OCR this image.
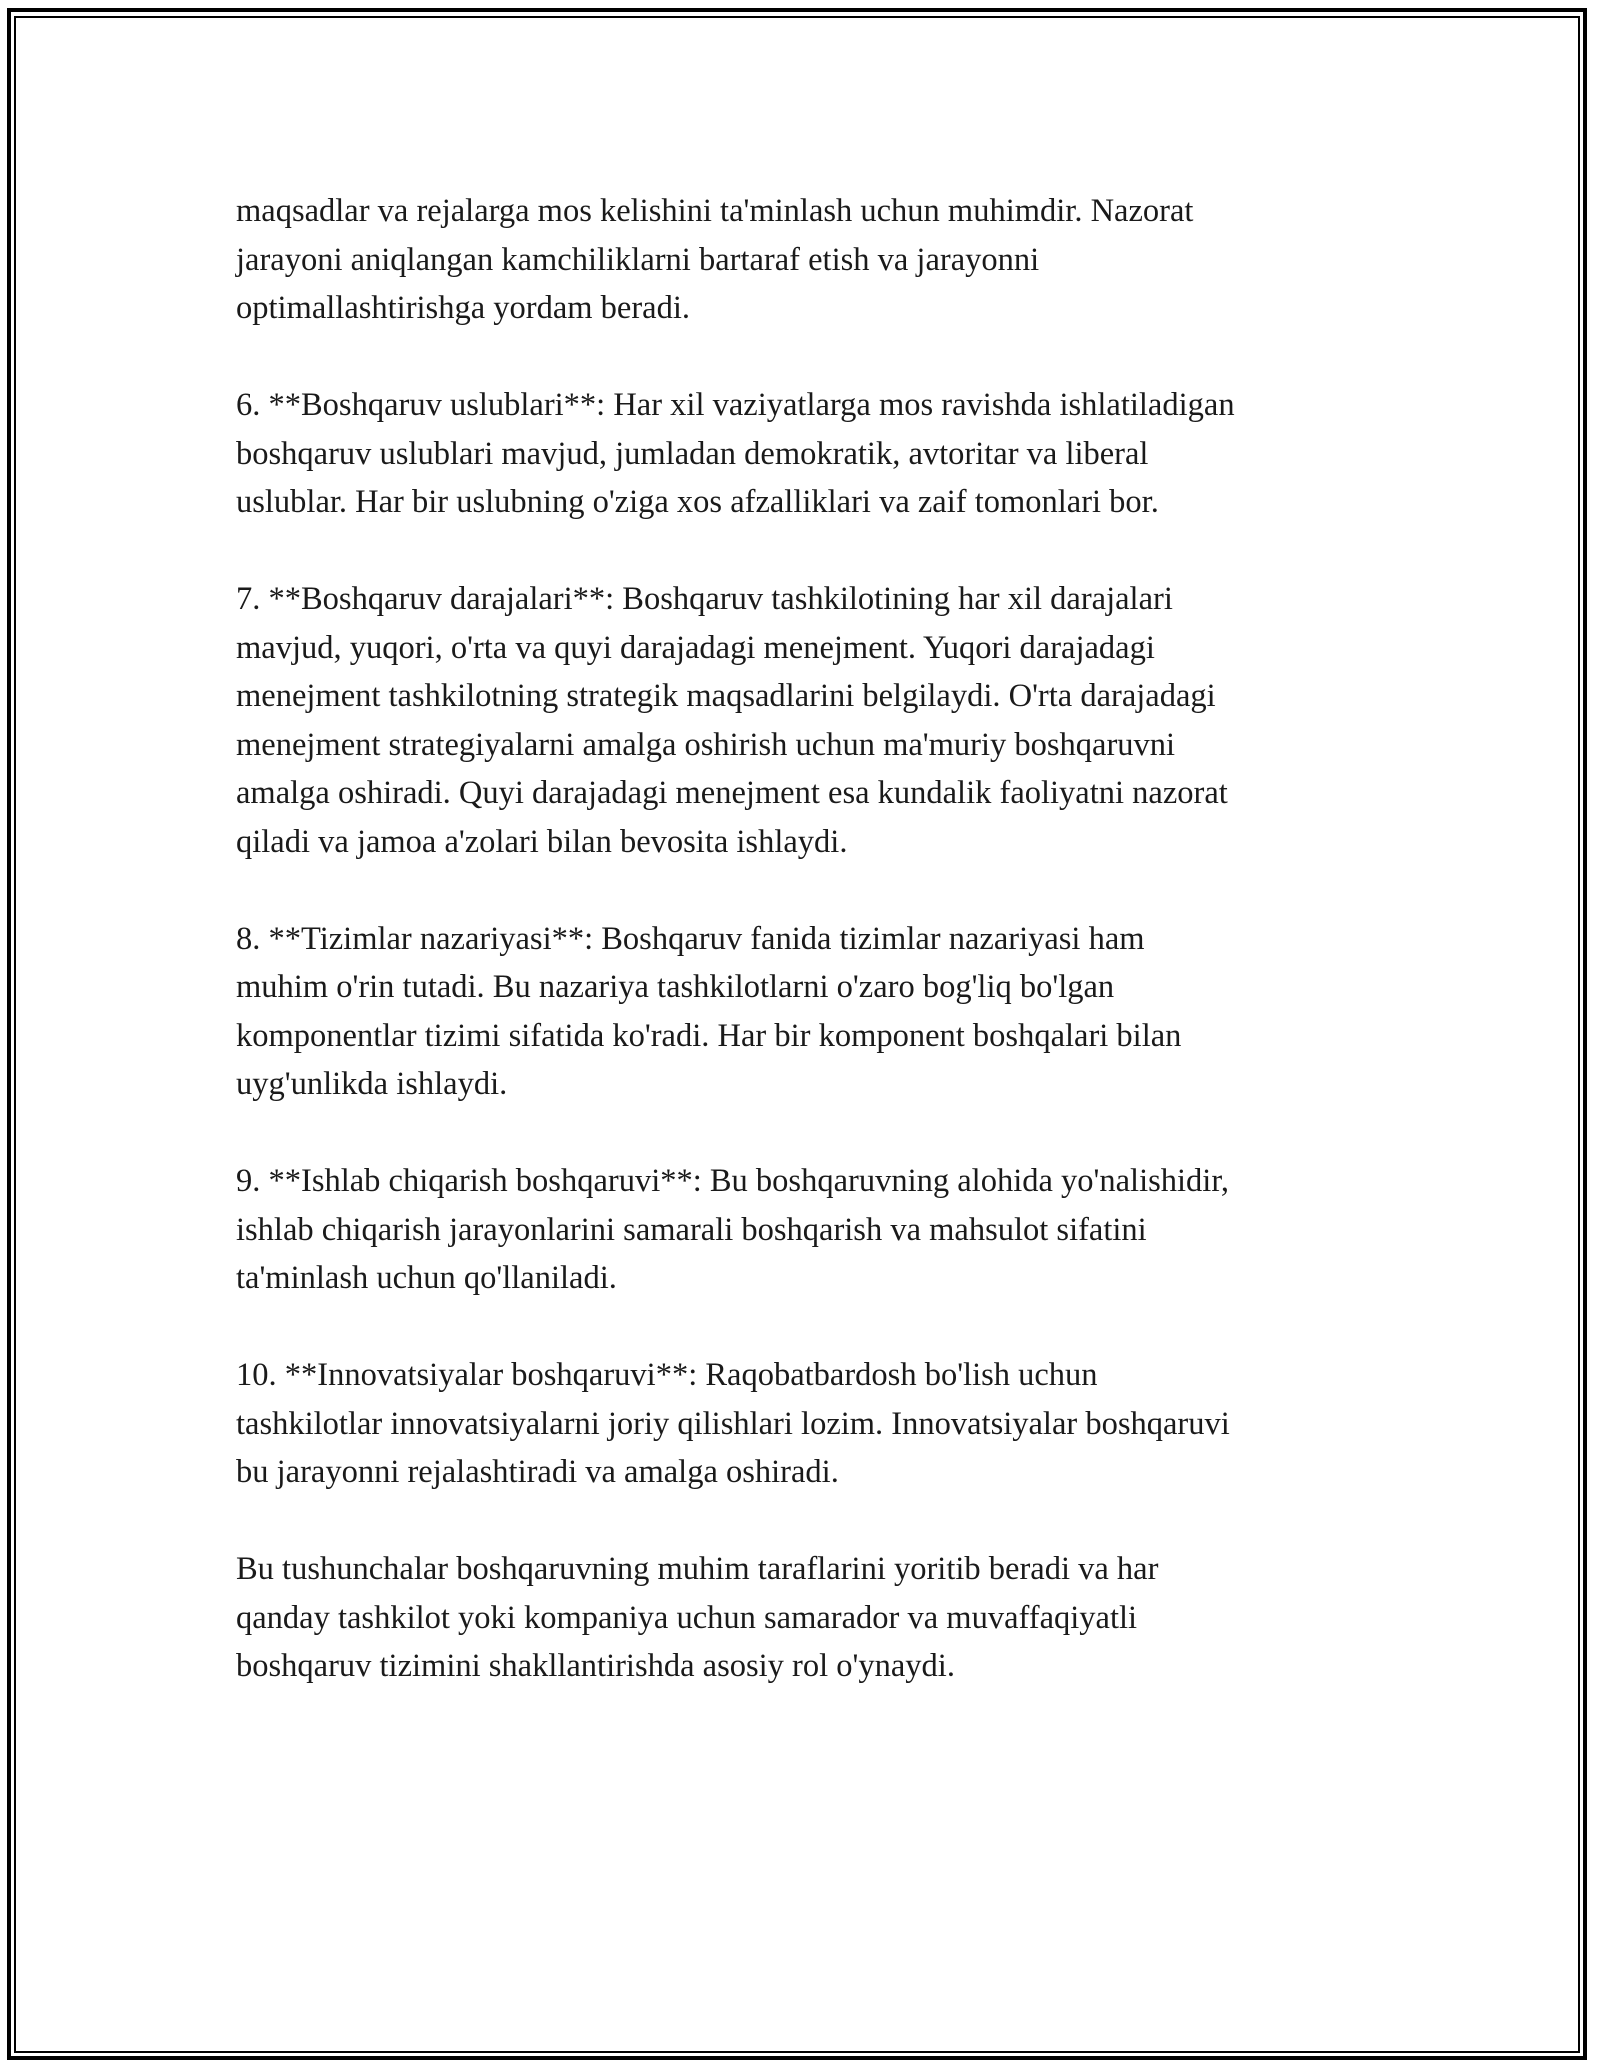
maqsadlar va rejalarga mos kelishini ta'minlash uchun muhimdir. Nazorat
jarayoni aniqlangan kamchiliklarni bartaraf etish va jarayonni
optimallashtirishga yordam beradi.

6. **Boshqaruv uslublari**: Har xil vaziyatlarga mos ravishda ishlatiladigan
boshqaruv uslublari mavjud, jumladan demokratik, avtoritar va liberal
uslublar. Har bir uslubning o'ziga xos afzalliklari va zaif tomonlari bor.

7. **Boshqaruv darajalari**: Boshqaruv tashkilotining har xil darajalari
mavjud, yuqori, o'rta va quyi darajadagi menejment. Yuqori darajadagi
menejment tashkilotning strategik maqsadlarini belgilaydi. O'rta darajadagi
menejment strategiyalarni amalga oshirish uchun ma'muriy boshqaruvni
amalga oshiradi. Quyi darajadagi menejment esa kundalik faoliyatni nazorat
qiladi va jamoa a'zolari bilan bevosita ishlaydi.

8. **Tizimlar nazariyasi**: Boshqaruv fanida tizimlar nazariyasi ham
muhim o'rin tutadi. Bu nazariya tashkilotlarni o'zaro bog'liq bo'lgan
komponentlar tizimi sifatida ko'radi. Har bir komponent boshqalari bilan
uyg'unlikda ishlaydi.

9. **Ishlab chiqarish boshqaruvi**: Bu boshqaruvning alohida yo'nalishidir,
ishlab chiqarish jarayonlarini samarali boshqarish va mahsulot sifatini
ta'minlash uchun qo'llaniladi.

10. **Innovatsiyalar boshqaruvi**: Raqobatbardosh bo'lish uchun
tashkilotlar innovatsiyalarni joriy qilishlari lozim. Innovatsiyalar boshqaruvi
bu jarayonni rejalashtiradi va amalga oshiradi.

Bu tushunchalar boshqaruvning muhim taraflarini yoritib beradi va har
qanday tashkilot yoki kompaniya uchun samarador va muvaffaqiyatli
boshqaruv tizimini shakllantirishda asosiy rol o'ynaydi.
